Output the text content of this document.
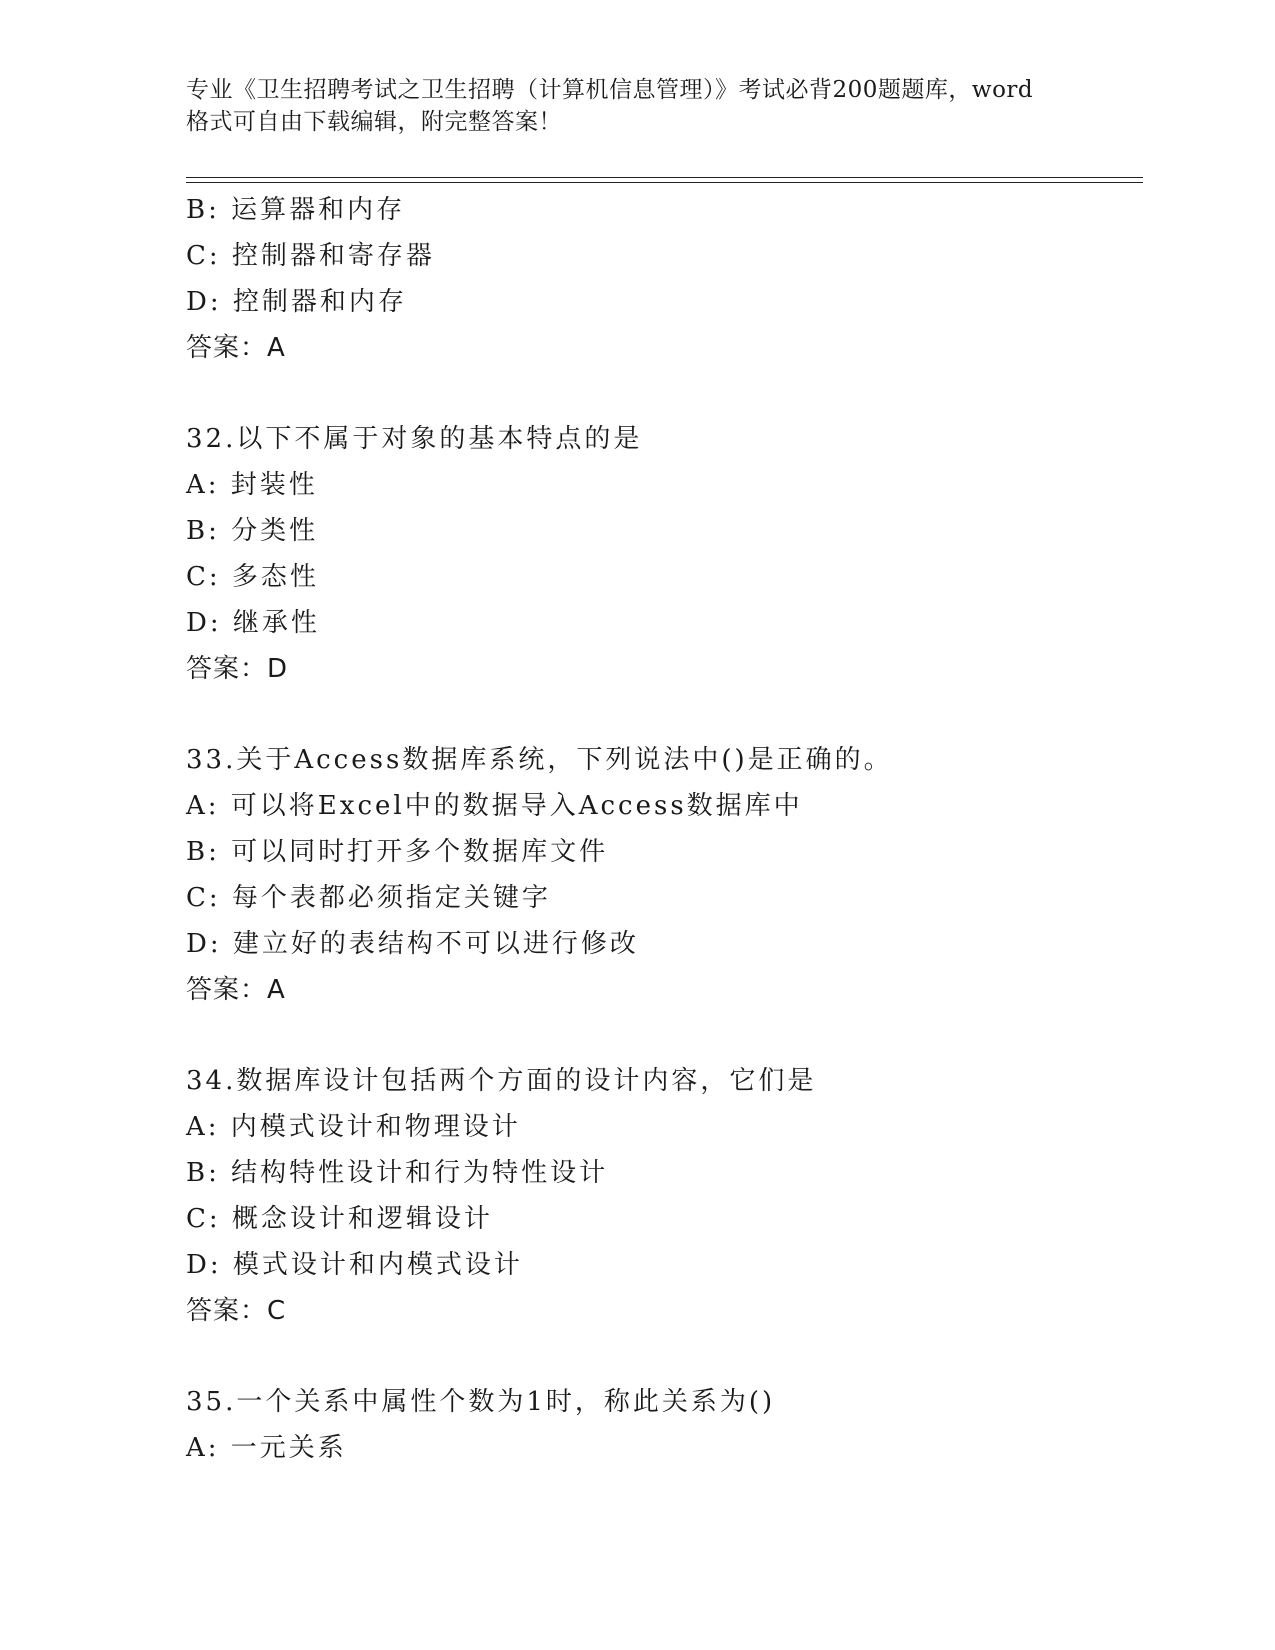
专业《卫生招聘考试之卫生招聘（计算机信息管理）》考试必背200题题库，word
格式可自由下载编辑，附完整答案！
B: 运算器和内存
C: 控制器和寄存器
D: 控制器和内存
答案：A
32.以下不属于对象的基本特点的是
A: 封装性
B: 分类性
C: 多态性
D: 继承性
答案：D
33.关于Access数据库系统，下列说法中()是正确的。
A: 可以将Excel中的数据导入Access数据库中
B: 可以同时打开多个数据库文件
C: 每个表都必须指定关键字
D: 建立好的表结构不可以进行修改
答案：A
34.数据库设计包括两个方面的设计内容，它们是
A: 内模式设计和物理设计
B: 结构特性设计和行为特性设计
C: 概念设计和逻辑设计
D: 模式设计和内模式设计
答案：C
35.一个关系中属性个数为1时，称此关系为()
A: 一元关系
